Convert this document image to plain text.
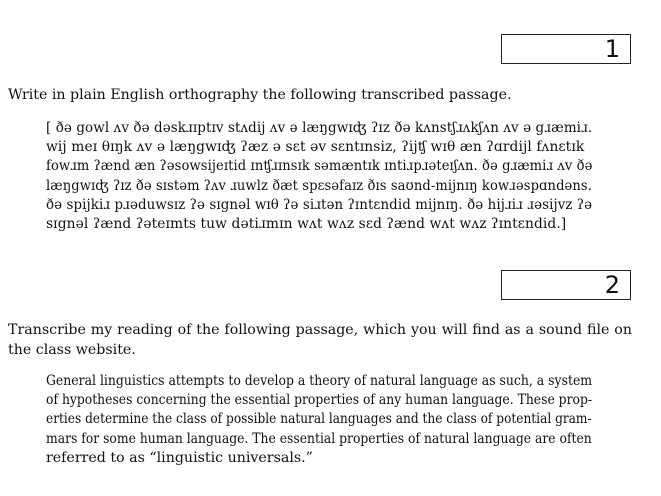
1
Write in plain English orthography the following transcribed passage.
[ ðə gowl ʌv ðə dəskɹɪptɪv stʌdij ʌv ə læŋgwɪʤ ʔɪz ðə kʌnstʃɹʌkʃʌn ʌv ə gɹæmiɹ.
wij meɪ θɪŋk ʌv ə læŋgwɪʤ ʔæz ə sɛt əv sɛntɪnsiz, ʔijʧ wɪθ æn ʔɑrdijl fʌnɛtɪk
fowɹm ʔænd æn ʔəsowsijeɪtid ɪnʧɹɪnsɪk səmæntɪk ɪntiɹpɹəteɪʃʌn. ðə gɹæmiɹ ʌv ðə
læŋgwɪʤ ʔɪz ðə sɪstəm ʔʌv ɹuwlz ðæt spɛsəfaɪz ðɪs saʊnd-mijnɪŋ kowɹəspɑndəns.
ðə spijkiɹ pɹəduwsɪz ʔə sɪgnəl wɪθ ʔə siɹtən ʔɪntɛndid mijnɪŋ. ðə hijɹiɹ ɹəsijvz ʔə
sɪgnəl ʔænd ʔəteɪmts tuw dətiɹmɪn wʌt wʌz sɛd ʔænd wʌt wʌz ʔɪntɛndid.]
2
Transcribe my reading of the following passage, which you will find as a sound file on the class website.
General linguistics attempts to develop a theory of natural language as such, a system
of hypotheses concerning the essential properties of any human language. These prop-
erties determine the class of possible natural languages and the class of potential gram-
mars for some human language. The essential properties of natural language are often
referred to as “linguistic universals.”
